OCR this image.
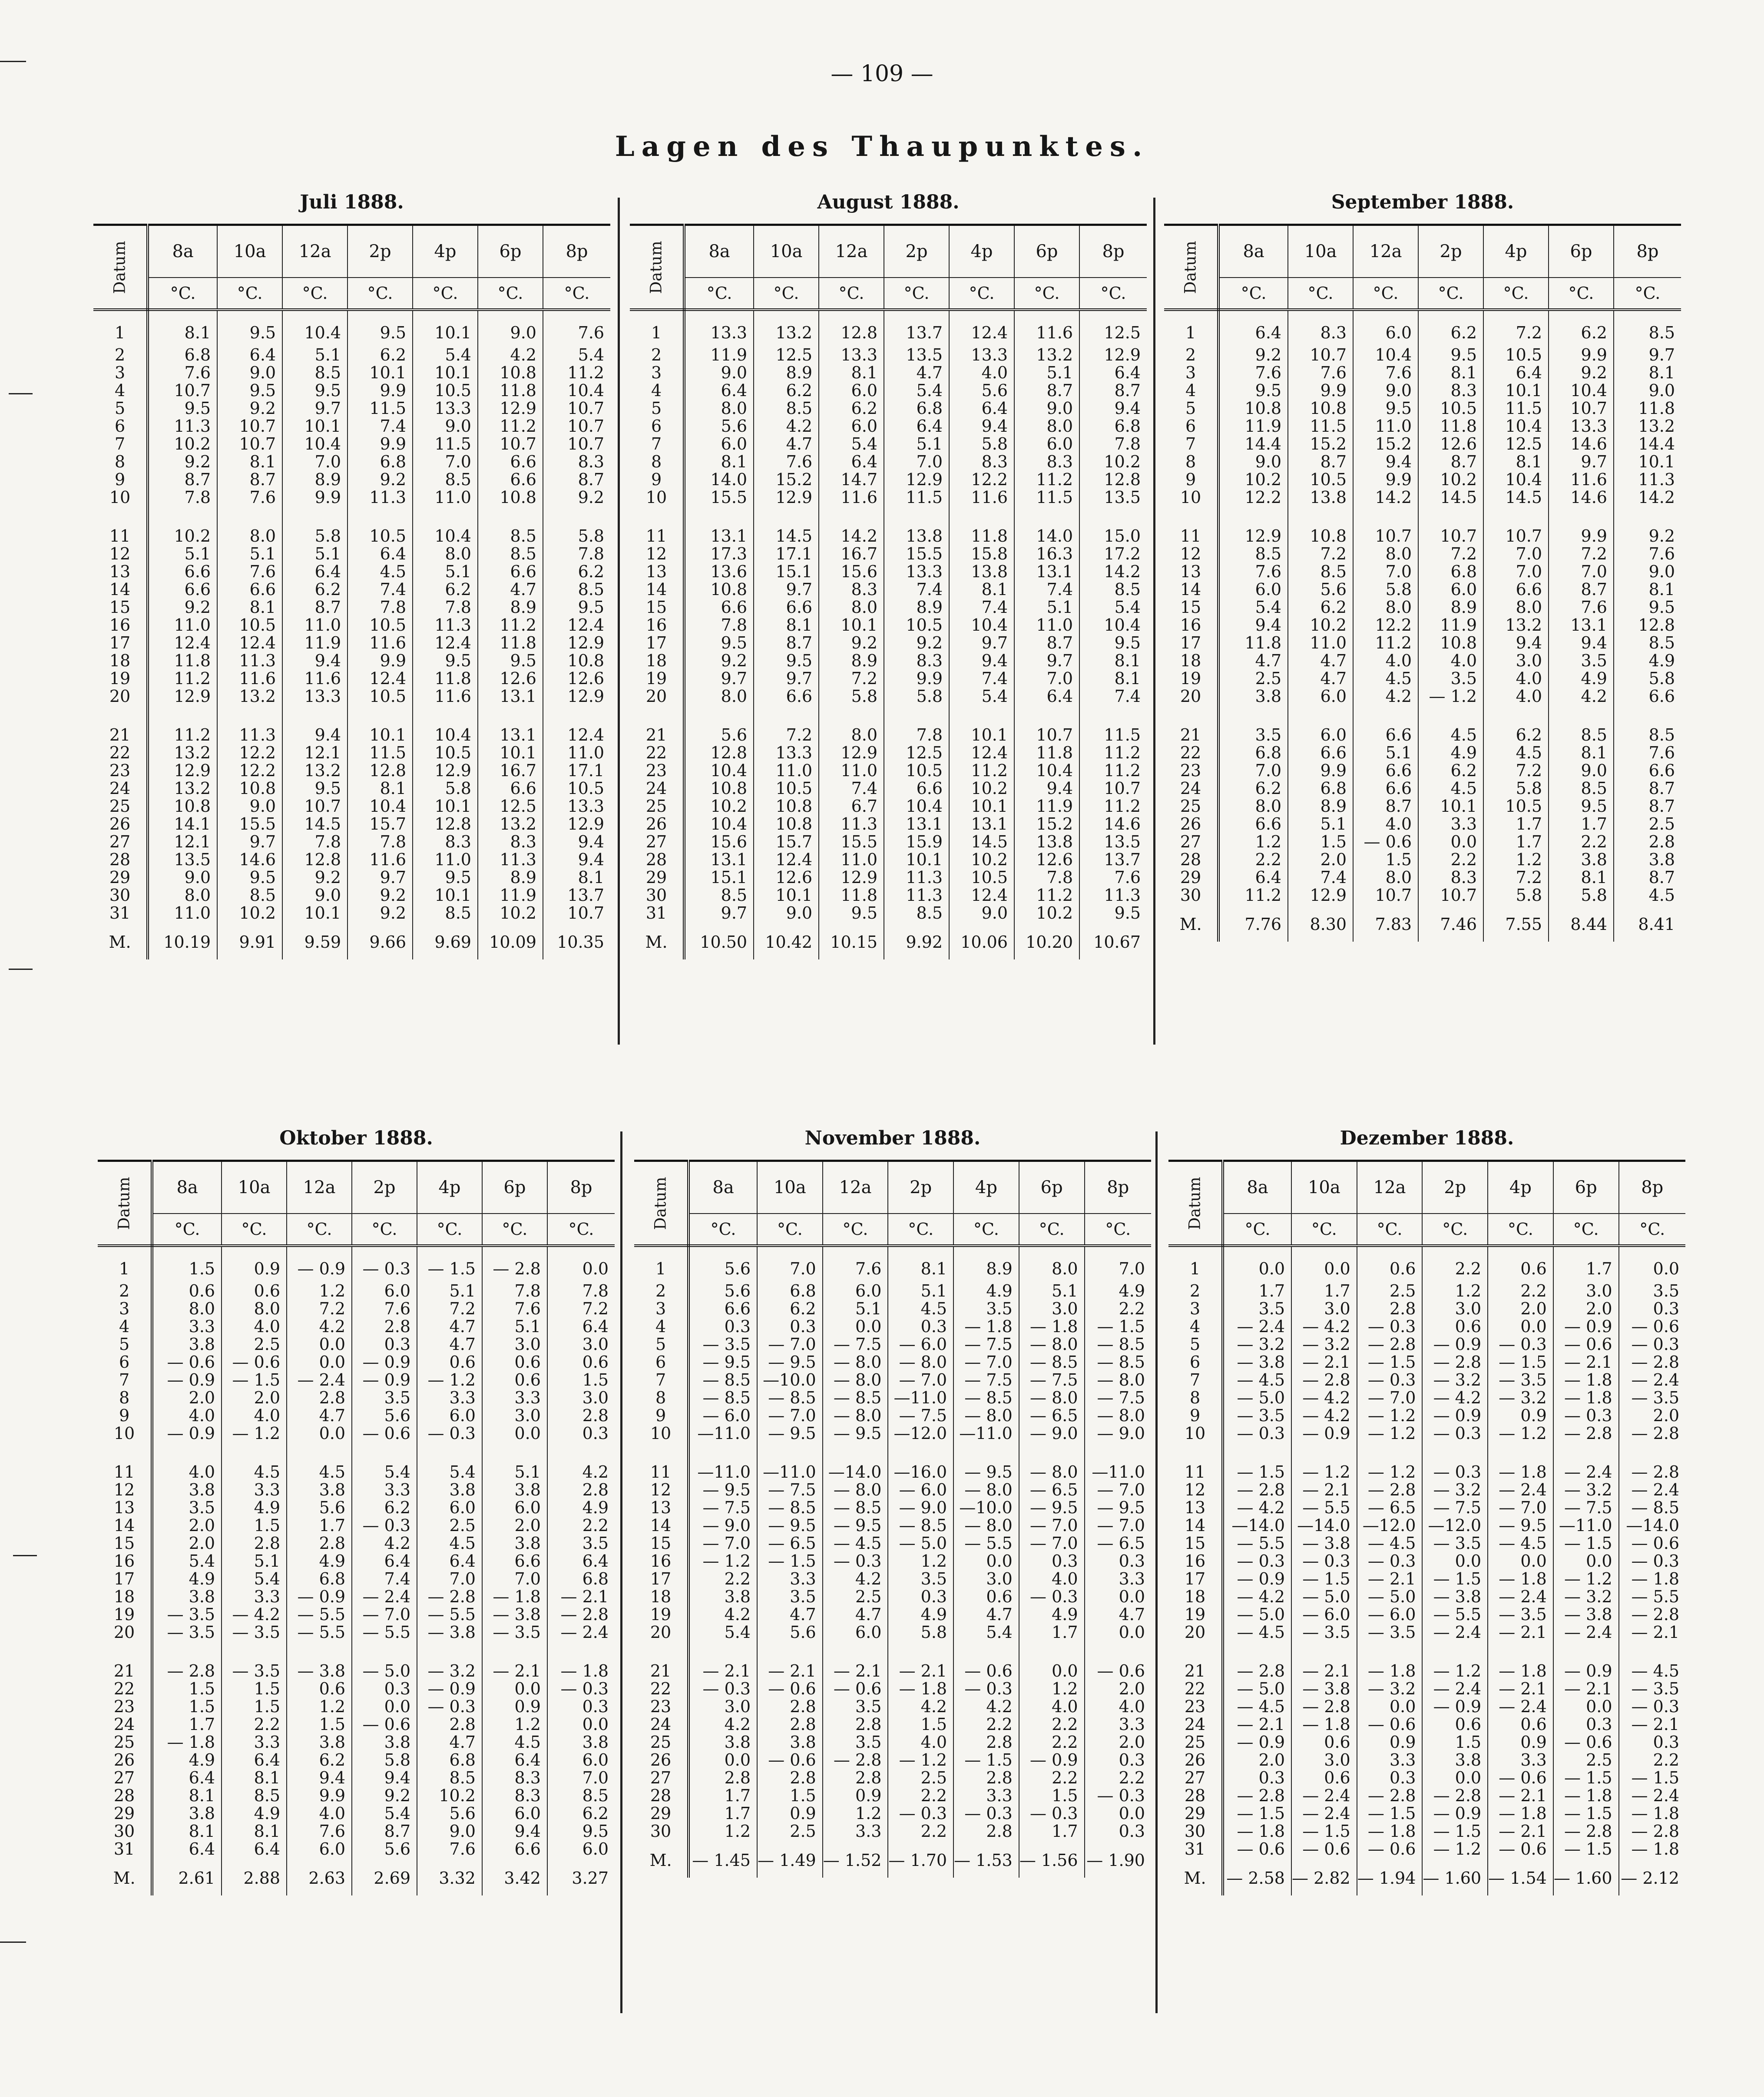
— 109 —
Lagen des Thaupunktes.
Juli 1888.
Datum	8a	10a	12a	2p	4p	6p	8p
	°C.	°C.	°C.	°C.	°C.	°C.	°C.
1	8.1	9.5	10.4	9.5	10.1	9.0	7.6
2	6.8	6.4	5.1	6.2	5.4	4.2	5.4
3	7.6	9.0	8.5	10.1	10.1	10.8	11.2
4	10.7	9.5	9.5	9.9	10.5	11.8	10.4
5	9.5	9.2	9.7	11.5	13.3	12.9	10.7
6	11.3	10.7	10.1	7.4	9.0	11.2	10.7
7	10.2	10.7	10.4	9.9	11.5	10.7	10.7
8	9.2	8.1	7.0	6.8	7.0	6.6	8.3
9	8.7	8.7	8.9	9.2	8.5	6.6	8.7
10	7.8	7.6	9.9	11.3	11.0	10.8	9.2

11	10.2	8.0	5.8	10.5	10.4	8.5	5.8
12	5.1	5.1	5.1	6.4	8.0	8.5	7.8
13	6.6	7.6	6.4	4.5	5.1	6.6	6.2
14	6.6	6.6	6.2	7.4	6.2	4.7	8.5
15	9.2	8.1	8.7	7.8	7.8	8.9	9.5
16	11.0	10.5	11.0	10.5	11.3	11.2	12.4
17	12.4	12.4	11.9	11.6	12.4	11.8	12.9
18	11.8	11.3	9.4	9.9	9.5	9.5	10.8
19	11.2	11.6	11.6	12.4	11.8	12.6	12.6
20	12.9	13.2	13.3	10.5	11.6	13.1	12.9

21	11.2	11.3	9.4	10.1	10.4	13.1	12.4
22	13.2	12.2	12.1	11.5	10.5	10.1	11.0
23	12.9	12.2	13.2	12.8	12.9	16.7	17.1
24	13.2	10.8	9.5	8.1	5.8	6.6	10.5
25	10.8	9.0	10.7	10.4	10.1	12.5	13.3
26	14.1	15.5	14.5	15.7	12.8	13.2	12.9
27	12.1	9.7	7.8	7.8	8.3	8.3	9.4
28	13.5	14.6	12.8	11.6	11.0	11.3	9.4
29	9.0	9.5	9.2	9.7	9.5	8.9	8.1
30	8.0	8.5	9.0	9.2	10.1	11.9	13.7
31	11.0	10.2	10.1	9.2	8.5	10.2	10.7
M.	10.19	9.91	9.59	9.66	9.69	10.09	10.35
August 1888.
Datum	8a	10a	12a	2p	4p	6p	8p
	°C.	°C.	°C.	°C.	°C.	°C.	°C.
1	13.3	13.2	12.8	13.7	12.4	11.6	12.5
2	11.9	12.5	13.3	13.5	13.3	13.2	12.9
3	9.0	8.9	8.1	4.7	4.0	5.1	6.4
4	6.4	6.2	6.0	5.4	5.6	8.7	8.7
5	8.0	8.5	6.2	6.8	6.4	9.0	9.4
6	5.6	4.2	6.0	6.4	9.4	8.0	6.8
7	6.0	4.7	5.4	5.1	5.8	6.0	7.8
8	8.1	7.6	6.4	7.0	8.3	8.3	10.2
9	14.0	15.2	14.7	12.9	12.2	11.2	12.8
10	15.5	12.9	11.6	11.5	11.6	11.5	13.5

11	13.1	14.5	14.2	13.8	11.8	14.0	15.0
12	17.3	17.1	16.7	15.5	15.8	16.3	17.2
13	13.6	15.1	15.6	13.3	13.8	13.1	14.2
14	10.8	9.7	8.3	7.4	8.1	7.4	8.5
15	6.6	6.6	8.0	8.9	7.4	5.1	5.4
16	7.8	8.1	10.1	10.5	10.4	11.0	10.4
17	9.5	8.7	9.2	9.2	9.7	8.7	9.5
18	9.2	9.5	8.9	8.3	9.4	9.7	8.1
19	9.7	9.7	7.2	9.9	7.4	7.0	8.1
20	8.0	6.6	5.8	5.8	5.4	6.4	7.4

21	5.6	7.2	8.0	7.8	10.1	10.7	11.5
22	12.8	13.3	12.9	12.5	12.4	11.8	11.2
23	10.4	11.0	11.0	10.5	11.2	10.4	11.2
24	10.8	10.5	7.4	6.6	10.2	9.4	10.7
25	10.2	10.8	6.7	10.4	10.1	11.9	11.2
26	10.4	10.8	11.3	13.1	13.1	15.2	14.6
27	15.6	15.7	15.5	15.9	14.5	13.8	13.5
28	13.1	12.4	11.0	10.1	10.2	12.6	13.7
29	15.1	12.6	12.9	11.3	10.5	7.8	7.6
30	8.5	10.1	11.8	11.3	12.4	11.2	11.3
31	9.7	9.0	9.5	8.5	9.0	10.2	9.5
M.	10.50	10.42	10.15	9.92	10.06	10.20	10.67
September 1888.
Datum	8a	10a	12a	2p	4p	6p	8p
	°C.	°C.	°C.	°C.	°C.	°C.	°C.
1	6.4	8.3	6.0	6.2	7.2	6.2	8.5
2	9.2	10.7	10.4	9.5	10.5	9.9	9.7
3	7.6	7.6	7.6	8.1	6.4	9.2	8.1
4	9.5	9.9	9.0	8.3	10.1	10.4	9.0
5	10.8	10.8	9.5	10.5	11.5	10.7	11.8
6	11.9	11.5	11.0	11.8	10.4	13.3	13.2
7	14.4	15.2	15.2	12.6	12.5	14.6	14.4
8	9.0	8.7	9.4	8.7	8.1	9.7	10.1
9	10.2	10.5	9.9	10.2	10.4	11.6	11.3
10	12.2	13.8	14.2	14.5	14.5	14.6	14.2

11	12.9	10.8	10.7	10.7	10.7	9.9	9.2
12	8.5	7.2	8.0	7.2	7.0	7.2	7.6
13	7.6	8.5	7.0	6.8	7.0	7.0	9.0
14	6.0	5.6	5.8	6.0	6.6	8.7	8.1
15	5.4	6.2	8.0	8.9	8.0	7.6	9.5
16	9.4	10.2	12.2	11.9	13.2	13.1	12.8
17	11.8	11.0	11.2	10.8	9.4	9.4	8.5
18	4.7	4.7	4.0	4.0	3.0	3.5	4.9
19	2.5	4.7	4.5	3.5	4.0	4.9	5.8
20	3.8	6.0	4.2	— 1.2	4.0	4.2	6.6

21	3.5	6.0	6.6	4.5	6.2	8.5	8.5
22	6.8	6.6	5.1	4.9	4.5	8.1	7.6
23	7.0	9.9	6.6	6.2	7.2	9.0	6.6
24	6.2	6.8	6.6	4.5	5.8	8.5	8.7
25	8.0	8.9	8.7	10.1	10.5	9.5	8.7
26	6.6	5.1	4.0	3.3	1.7	1.7	2.5
27	1.2	1.5	— 0.6	0.0	1.7	2.2	2.8
28	2.2	2.0	1.5	2.2	1.2	3.8	3.8
29	6.4	7.4	8.0	8.3	7.2	8.1	8.7
30	11.2	12.9	10.7	10.7	5.8	5.8	4.5
M.	7.76	8.30	7.83	7.46	7.55	8.44	8.41
Oktober 1888.
Datum	8a	10a	12a	2p	4p	6p	8p
	°C.	°C.	°C.	°C.	°C.	°C.	°C.
1	1.5	0.9	— 0.9	— 0.3	— 1.5	— 2.8	0.0
2	0.6	0.6	1.2	6.0	5.1	7.8	7.8
3	8.0	8.0	7.2	7.6	7.2	7.6	7.2
4	3.3	4.0	4.2	2.8	4.7	5.1	6.4
5	3.8	2.5	0.0	0.3	4.7	3.0	3.0
6	— 0.6	— 0.6	0.0	— 0.9	0.6	0.6	0.6
7	— 0.9	— 1.5	— 2.4	— 0.9	— 1.2	0.6	1.5
8	2.0	2.0	2.8	3.5	3.3	3.3	3.0
9	4.0	4.0	4.7	5.6	6.0	3.0	2.8
10	— 0.9	— 1.2	0.0	— 0.6	— 0.3	0.0	0.3

11	4.0	4.5	4.5	5.4	5.4	5.1	4.2
12	3.8	3.3	3.8	3.3	3.8	3.8	2.8
13	3.5	4.9	5.6	6.2	6.0	6.0	4.9
14	2.0	1.5	1.7	— 0.3	2.5	2.0	2.2
15	2.0	2.8	2.8	4.2	4.5	3.8	3.5
16	5.4	5.1	4.9	6.4	6.4	6.6	6.4
17	4.9	5.4	6.8	7.4	7.0	7.0	6.8
18	3.8	3.3	— 0.9	— 2.4	— 2.8	— 1.8	— 2.1
19	— 3.5	— 4.2	— 5.5	— 7.0	— 5.5	— 3.8	— 2.8
20	— 3.5	— 3.5	— 5.5	— 5.5	— 3.8	— 3.5	— 2.4

21	— 2.8	— 3.5	— 3.8	— 5.0	— 3.2	— 2.1	— 1.8
22	1.5	1.5	0.6	0.3	— 0.9	0.0	— 0.3
23	1.5	1.5	1.2	0.0	— 0.3	0.9	0.3
24	1.7	2.2	1.5	— 0.6	2.8	1.2	0.0
25	— 1.8	3.3	3.8	3.8	4.7	4.5	3.8
26	4.9	6.4	6.2	5.8	6.8	6.4	6.0
27	6.4	8.1	9.4	9.4	8.5	8.3	7.0
28	8.1	8.5	9.9	9.2	10.2	8.3	8.5
29	3.8	4.9	4.0	5.4	5.6	6.0	6.2
30	8.1	8.1	7.6	8.7	9.0	9.4	9.5
31	6.4	6.4	6.0	5.6	7.6	6.6	6.0
M.	2.61	2.88	2.63	2.69	3.32	3.42	3.27
November 1888.
Datum	8a	10a	12a	2p	4p	6p	8p
	°C.	°C.	°C.	°C.	°C.	°C.	°C.
1	5.6	7.0	7.6	8.1	8.9	8.0	7.0
2	5.6	6.8	6.0	5.1	4.9	5.1	4.9
3	6.6	6.2	5.1	4.5	3.5	3.0	2.2
4	0.3	0.3	0.0	0.3	— 1.8	— 1.8	— 1.5
5	— 3.5	— 7.0	— 7.5	— 6.0	— 7.5	— 8.0	— 8.5
6	— 9.5	— 9.5	— 8.0	— 8.0	— 7.0	— 8.5	— 8.5
7	— 8.5	—10.0	— 8.0	— 7.0	— 7.5	— 7.5	— 8.0
8	— 8.5	— 8.5	— 8.5	—11.0	— 8.5	— 8.0	— 7.5
9	— 6.0	— 7.0	— 8.0	— 7.5	— 8.0	— 6.5	— 8.0
10	—11.0	— 9.5	— 9.5	—12.0	—11.0	— 9.0	— 9.0

11	—11.0	—11.0	—14.0	—16.0	— 9.5	— 8.0	—11.0
12	— 9.5	— 7.5	— 8.0	— 6.0	— 8.0	— 6.5	— 7.0
13	— 7.5	— 8.5	— 8.5	— 9.0	—10.0	— 9.5	— 9.5
14	— 9.0	— 9.5	— 9.5	— 8.5	— 8.0	— 7.0	— 7.0
15	— 7.0	— 6.5	— 4.5	— 5.0	— 5.5	— 7.0	— 6.5
16	— 1.2	— 1.5	— 0.3	1.2	0.0	0.3	0.3
17	2.2	3.3	4.2	3.5	3.0	4.0	3.3
18	3.8	3.5	2.5	0.3	0.6	— 0.3	0.0
19	4.2	4.7	4.7	4.9	4.7	4.9	4.7
20	5.4	5.6	6.0	5.8	5.4	1.7	0.0

21	— 2.1	— 2.1	— 2.1	— 2.1	— 0.6	0.0	— 0.6
22	— 0.3	— 0.6	— 0.6	— 1.8	— 0.3	1.2	2.0
23	3.0	2.8	3.5	4.2	4.2	4.0	4.0
24	4.2	2.8	2.8	1.5	2.2	2.2	3.3
25	3.8	3.8	3.5	4.0	2.8	2.2	2.0
26	0.0	— 0.6	— 2.8	— 1.2	— 1.5	— 0.9	0.3
27	2.8	2.8	2.8	2.5	2.8	2.2	2.2
28	1.7	1.5	0.9	2.2	3.3	1.5	— 0.3
29	1.7	0.9	1.2	— 0.3	— 0.3	— 0.3	0.0
30	1.2	2.5	3.3	2.2	2.8	1.7	0.3
M.	— 1.45	— 1.49	— 1.52	— 1.70	— 1.53	— 1.56	— 1.90
Dezember 1888.
Datum	8a	10a	12a	2p	4p	6p	8p
	°C.	°C.	°C.	°C.	°C.	°C.	°C.
1	0.0	0.0	0.6	2.2	0.6	1.7	0.0
2	1.7	1.7	2.5	1.2	2.2	3.0	3.5
3	3.5	3.0	2.8	3.0	2.0	2.0	0.3
4	— 2.4	— 4.2	— 0.3	0.6	0.0	— 0.9	— 0.6
5	— 3.2	— 3.2	— 2.8	— 0.9	— 0.3	— 0.6	— 0.3
6	— 3.8	— 2.1	— 1.5	— 2.8	— 1.5	— 2.1	— 2.8
7	— 4.5	— 2.8	— 0.3	— 3.2	— 3.5	— 1.8	— 2.4
8	— 5.0	— 4.2	— 7.0	— 4.2	— 3.2	— 1.8	— 3.5
9	— 3.5	— 4.2	— 1.2	— 0.9	0.9	— 0.3	2.0
10	— 0.3	— 0.9	— 1.2	— 0.3	— 1.2	— 2.8	— 2.8

11	— 1.5	— 1.2	— 1.2	— 0.3	— 1.8	— 2.4	— 2.8
12	— 2.8	— 2.1	— 2.8	— 3.2	— 2.4	— 3.2	— 2.4
13	— 4.2	— 5.5	— 6.5	— 7.5	— 7.0	— 7.5	— 8.5
14	—14.0	—14.0	—12.0	—12.0	— 9.5	—11.0	—14.0
15	— 5.5	— 3.8	— 4.5	— 3.5	— 4.5	— 1.5	— 0.6
16	— 0.3	— 0.3	— 0.3	0.0	0.0	0.0	— 0.3
17	— 0.9	— 1.5	— 2.1	— 1.5	— 1.8	— 1.2	— 1.8
18	— 4.2	— 5.0	— 5.0	— 3.8	— 2.4	— 3.2	— 5.5
19	— 5.0	— 6.0	— 6.0	— 5.5	— 3.5	— 3.8	— 2.8
20	— 4.5	— 3.5	— 3.5	— 2.4	— 2.1	— 2.4	— 2.1

21	— 2.8	— 2.1	— 1.8	— 1.2	— 1.8	— 0.9	— 4.5
22	— 5.0	— 3.8	— 3.2	— 2.4	— 2.1	— 2.1	— 3.5
23	— 4.5	— 2.8	0.0	— 0.9	— 2.4	0.0	— 0.3
24	— 2.1	— 1.8	— 0.6	0.6	0.6	0.3	— 2.1
25	— 0.9	0.6	0.9	1.5	0.9	— 0.6	0.3
26	2.0	3.0	3.3	3.8	3.3	2.5	2.2
27	0.3	0.6	0.3	0.0	— 0.6	— 1.5	— 1.5
28	— 2.8	— 2.4	— 2.8	— 2.8	— 2.1	— 1.8	— 2.4
29	— 1.5	— 2.4	— 1.5	— 0.9	— 1.8	— 1.5	— 1.8
30	— 1.8	— 1.5	— 1.8	— 1.5	— 2.1	— 2.8	— 2.8
31	— 0.6	— 0.6	— 0.6	— 1.2	— 0.6	— 1.5	— 1.8
M.	— 2.58	— 2.82	— 1.94	— 1.60	— 1.54	— 1.60	— 2.12
